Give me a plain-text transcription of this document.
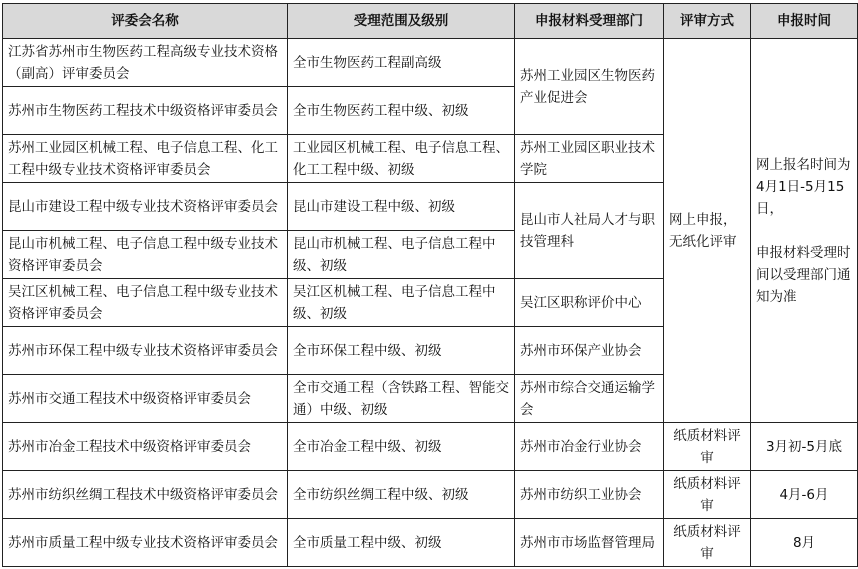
评委会名称	受理范围及级别	申报材料受理部门	评审方式	申报时间
江苏省苏州市生物医药工程高级专业技术资格（副高）评审委员会	全市生物医药工程副高级	苏州工业园区生物医药产业促进会	网上申报，无纸化评审	网上报名时间为4月1日-5月15日，
申报材料受理时间以受理部门通知为准

苏州市生物医药工程技术中级资格评审委员会	全市生物医药工程中级、初级			
苏州工业园区机械工程、电子信息工程、化工工程中级专业技术资格评审委员会	工业园区机械工程、电子信息工程、化工工程中级、初级	苏州工业园区职业技术学院		
昆山市建设工程中级专业技术资格评审委员会	昆山市建设工程中级、初级	昆山市人社局人才与职技管理科		
昆山市机械工程、电子信息工程中级专业技术资格评审委员会	昆山市机械工程、电子信息工程中级、初级			
吴江区机械工程、电子信息工程中级专业技术资格评审委员会	吴江区机械工程、电子信息工程中级、初级	吴江区职称评价中心		
苏州市环保工程中级专业技术资格评审委员会	全市环保工程中级、初级	苏州市环保产业协会		
苏州市交通工程技术中级资格评审委员会	全市交通工程（含铁路工程、智能交通）中级、初级	苏州市综合交通运输学会		
苏州市冶金工程技术中级资格评审委员会	全市冶金工程中级、初级	苏州市冶金行业协会	纸质材料评审	3月初-5月底
苏州市纺织丝绸工程技术中级资格评审委员会	全市纺织丝绸工程中级、初级	苏州市纺织工业协会	纸质材料评审	4月-6月
苏州市质量工程中级专业技术资格评审委员会	全市质量工程中级、初级	苏州市市场监督管理局	纸质材料评审	8月
